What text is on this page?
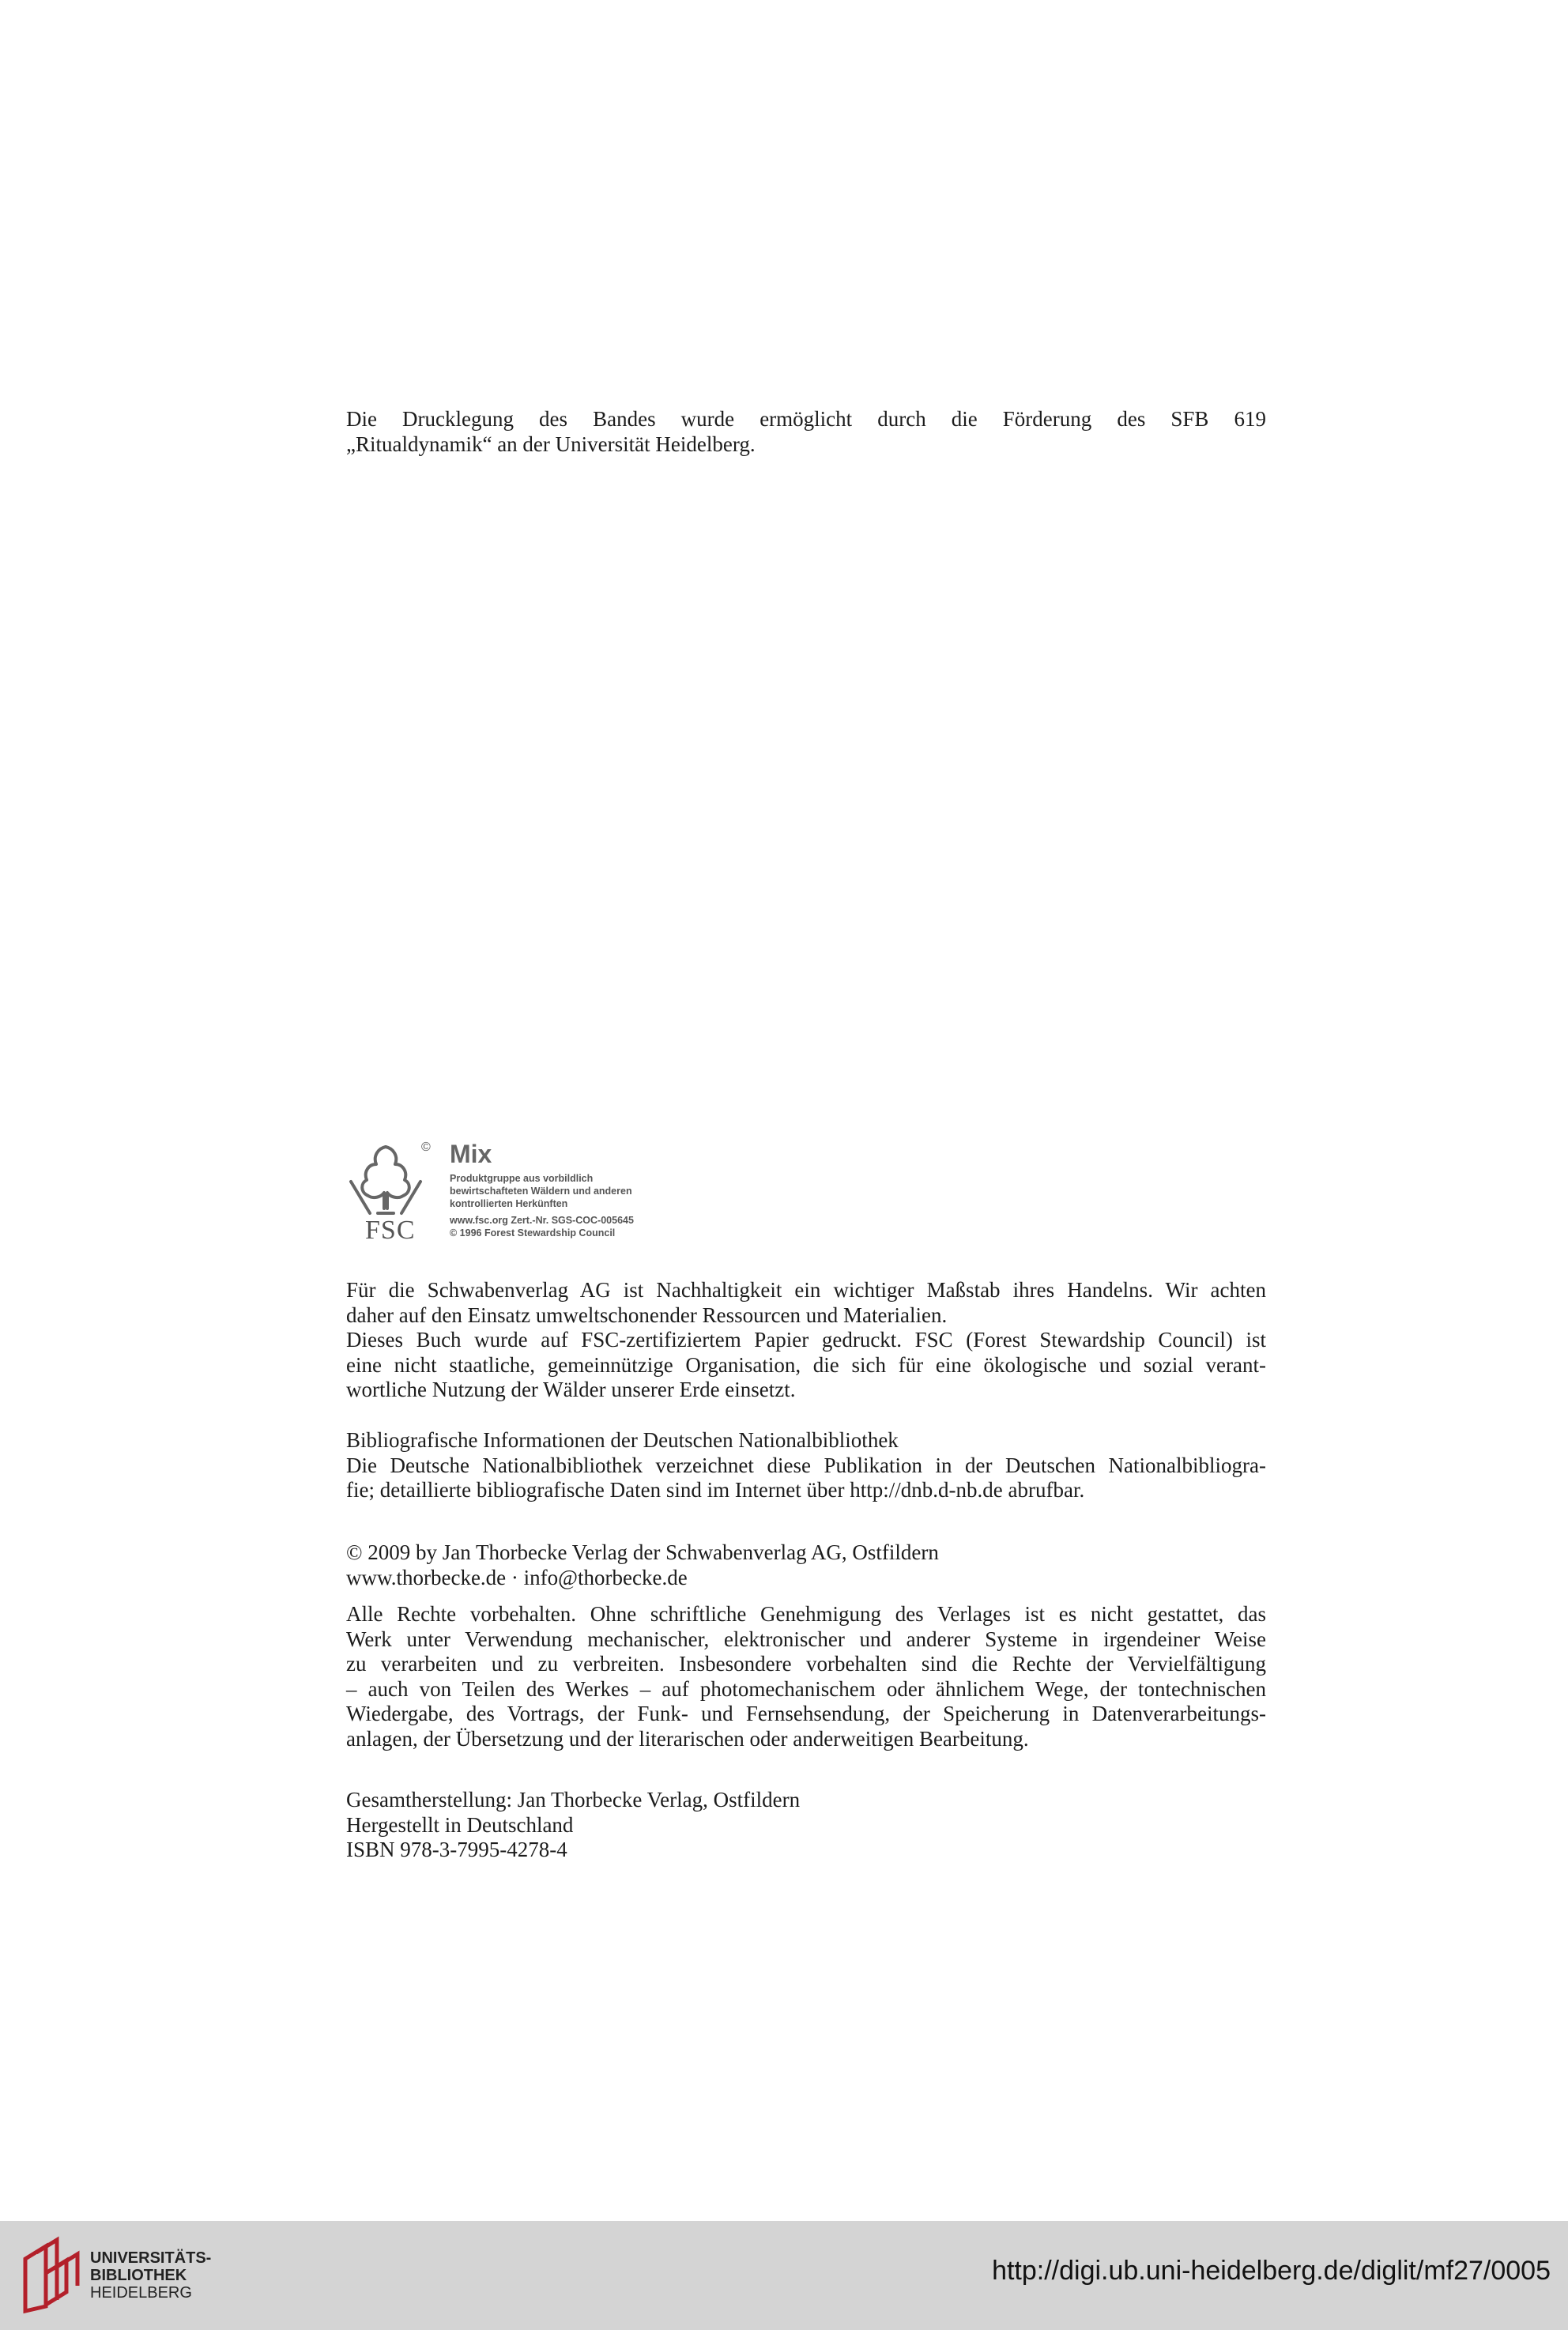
Die Drucklegung des Bandes wurde ermöglicht durch die Förderung des SFB 619

„Ritualdynamik“ an der Universität Heidelberg.

FSC
© Mix
Produktgruppe aus vorbildlich
bewirtschafteten Wäldern und anderen
kontrollierten Herkünften
www.fsc.org Zert.-Nr. SGS-COC-005645
© 1996 Forest Stewardship Council

Für die Schwabenverlag AG ist Nachhaltigkeit ein wichtiger Maßstab ihres Handelns. Wir achten

daher auf den Einsatz umweltschonender Ressourcen und Materialien.

Dieses Buch wurde auf FSC-zertifiziertem Papier gedruckt. FSC (Forest Stewardship Council) ist

eine nicht staatliche, gemeinnützige Organisation, die sich für eine ökologische und sozial verant-

wortliche Nutzung der Wälder unserer Erde einsetzt.

Bibliografische Informationen der Deutschen Nationalbibliothek

Die Deutsche Nationalbibliothek verzeichnet diese Publikation in der Deutschen Nationalbibliogra-

fie; detaillierte bibliografische Daten sind im Internet über http://dnb.d-nb.de abrufbar.

© 2009 by Jan Thorbecke Verlag der Schwabenverlag AG, Ostfildern

www.thorbecke.de · info@thorbecke.de

Alle Rechte vorbehalten. Ohne schriftliche Genehmigung des Verlages ist es nicht gestattet, das

Werk unter Verwendung mechanischer, elektronischer und anderer Systeme in irgendeiner Weise

zu verarbeiten und zu verbreiten. Insbesondere vorbehalten sind die Rechte der Vervielfältigung

– auch von Teilen des Werkes – auf photomechanischem oder ähnlichem Wege, der tontechnischen

Wiedergabe, des Vortrags, der Funk- und Fernsehsendung, der Speicherung in Datenverarbeitungs-

anlagen, der Übersetzung und der literarischen oder anderweitigen Bearbeitung.

Gesamtherstellung: Jan Thorbecke Verlag, Ostfildern

Hergestellt in Deutschland

ISBN 978-3-7995-4278-4

UNIVERSITÄTS-
BIBLIOTHEK
HEIDELBERG
http://digi.ub.uni-heidelberg.de/diglit/mf27/0005
